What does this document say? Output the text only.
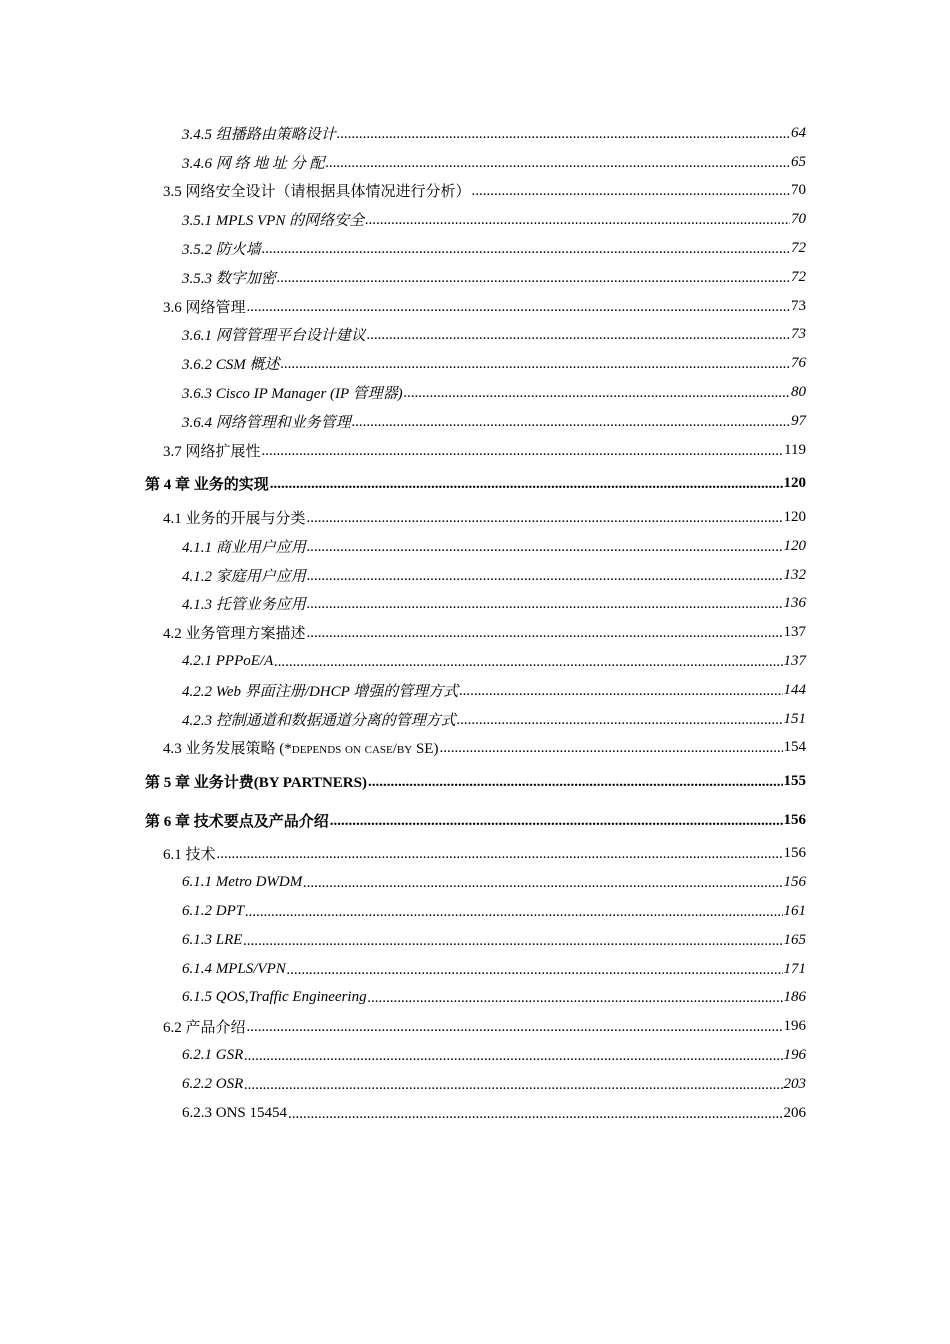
3.4.5 组播路由策略设计 .....	64
3.4.6 网 络 地 址 分 配 .....	65
3.5 网络安全设计（请根据具体情况进行分析） .....	70
3.5.1 MPLS VPN 的网络安全 .....	70
3.5.2 防火墙 .....	72
3.5.3 数字加密 .....	72
3.6 网络管理 .....	73
3.6.1 网管管理平台设计建议 .....	73
3.6.2 CSM 概述 .....	76
3.6.3 Cisco IP Manager (IP 管理器) .....	80
3.6.4 网络管理和业务管理 .....	97
3.7 网络扩展性 .....	119
第 4 章 业务的实现 .....	120
4.1 业务的开展与分类 .....	120
4.1.1 商业用户应用 .....	120
4.1.2 家庭用户应用 .....	132
4.1.3 托管业务应用 .....	136
4.2 业务管理方案描述 .....	137
4.2.1 PPPoE/A .....	137
4.2.2 Web 界面注册/DHCP 增强的管理方式 .....	144
4.2.3 控制通道和数据通道分离的管理方式 .....	151
4.3 业务发展策略 (*depends on case/by SE) .....	154
第 5 章 业务计费(BY PARTNERS) .....	155
第 6 章 技术要点及产品介绍 .....	156
6.1 技术 .....	156
6.1.1 Metro DWDM .....	156
6.1.2 DPT .....	161
6.1.3 LRE .....	165
6.1.4 MPLS/VPN .....	171
6.1.5 QOS,Traffic Engineering .....	186
6.2 产品介绍 .....	196
6.2.1 GSR .....	196
6.2.2 OSR .....	203
6.2.3 ONS 15454 .....	206
